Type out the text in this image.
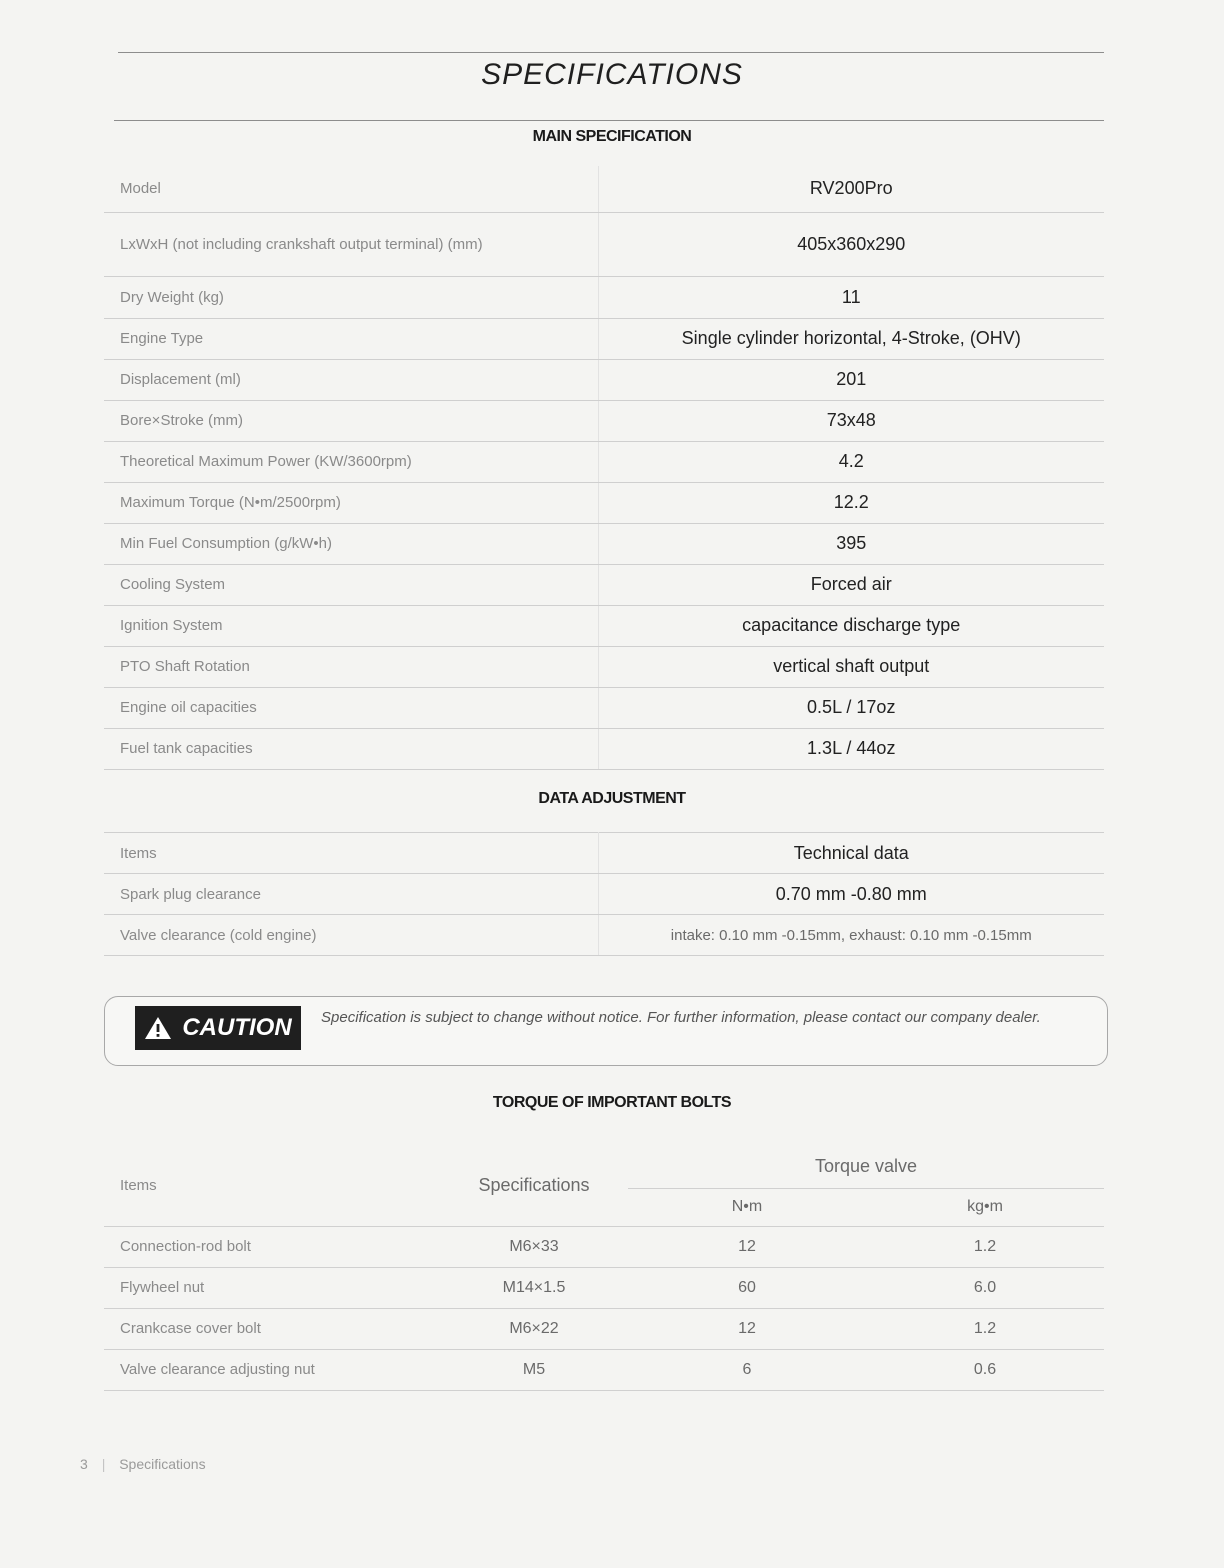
SPECIFICATIONS
MAIN SPECIFICATION
Model	RV200Pro
LxWxH (not including crankshaft output terminal) (mm)	405x360x290
Dry Weight (kg)	11
Engine Type	Single cylinder horizontal, 4-Stroke, (OHV)
Displacement (ml)	201
Bore×Stroke (mm)	73x48
Theoretical Maximum Power (KW/3600rpm)	4.2
Maximum Torque (N•m/2500rpm)	12.2
Min Fuel Consumption (g/kW•h)	395
Cooling System	Forced air
Ignition System	capacitance discharge type
PTO Shaft Rotation	vertical shaft output
Engine oil capacities	0.5L / 17oz
Fuel tank capacities	1.3L / 44oz
DATA ADJUSTMENT
Items	Technical data
Spark plug clearance	0.70 mm -0.80 mm
Valve clearance (cold engine)	intake: 0.10 mm -0.15mm, exhaust: 0.10 mm -0.15mm
CAUTION Specification is subject to change without notice. For further information, please contact our company dealer.
TORQUE OF IMPORTANT BOLTS
Items	Specifications	Torque valve	
		N•m	kg•m
Connection-rod bolt	M6×33	12	1.2
Flywheel nut	M14×1.5	60	6.0
Crankcase cover bolt	M6×22	12	1.2
Valve clearance adjusting nut	M5	6	0.6
3 | Specifications
